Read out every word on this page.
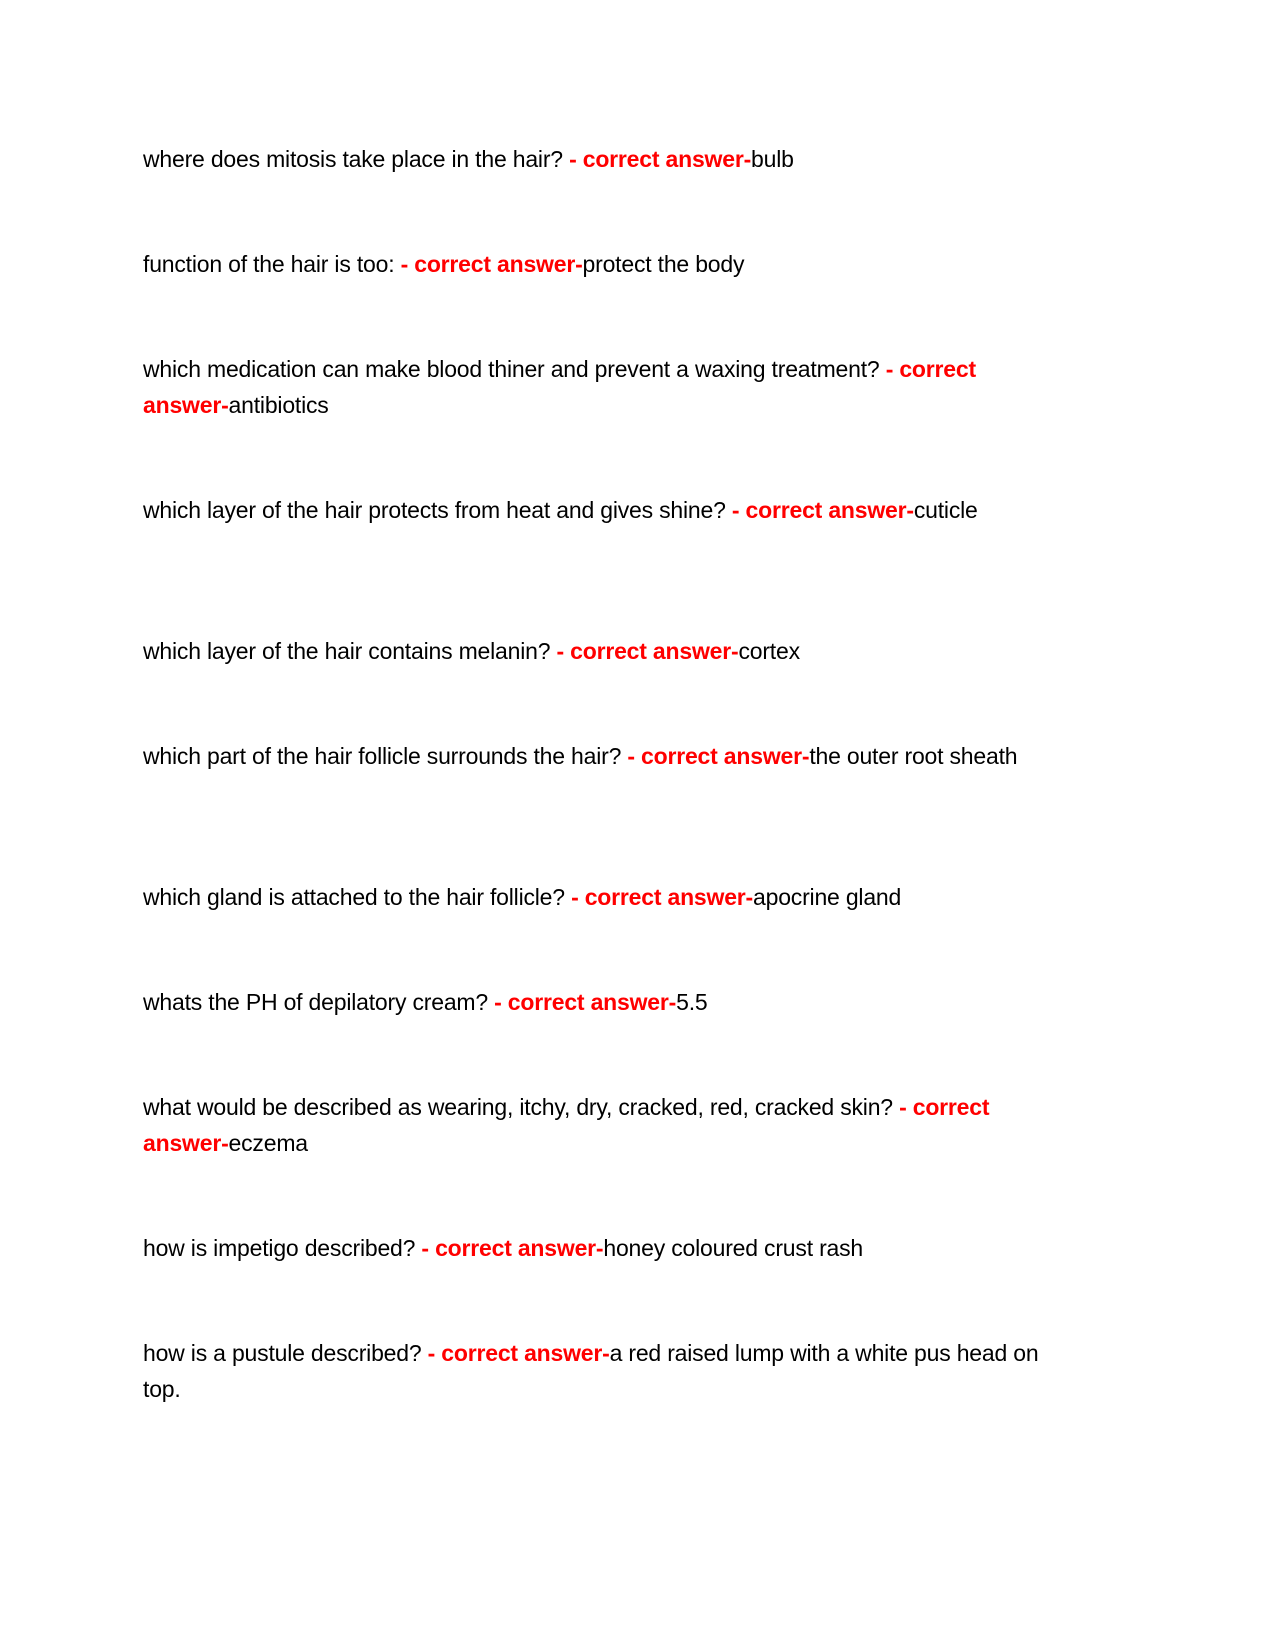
where does mitosis take place in the hair? - correct answer-bulb

function of the hair is too: - correct answer-protect the body

which medication can make blood thiner and prevent a waxing treatment? - correct answer-antibiotics

which layer of the hair protects from heat and gives shine? - correct answer-cuticle

which layer of the hair contains melanin? - correct answer-cortex

which part of the hair follicle surrounds the hair? - correct answer-the outer root sheath

which gland is attached to the hair follicle? - correct answer-apocrine gland

whats the PH of depilatory cream? - correct answer-5.5

what would be described as wearing, itchy, dry, cracked, red, cracked skin? - correct answer-eczema

how is impetigo described? - correct answer-honey coloured crust rash

how is a pustule described? - correct answer-a red raised lump with a white pus head on top.
